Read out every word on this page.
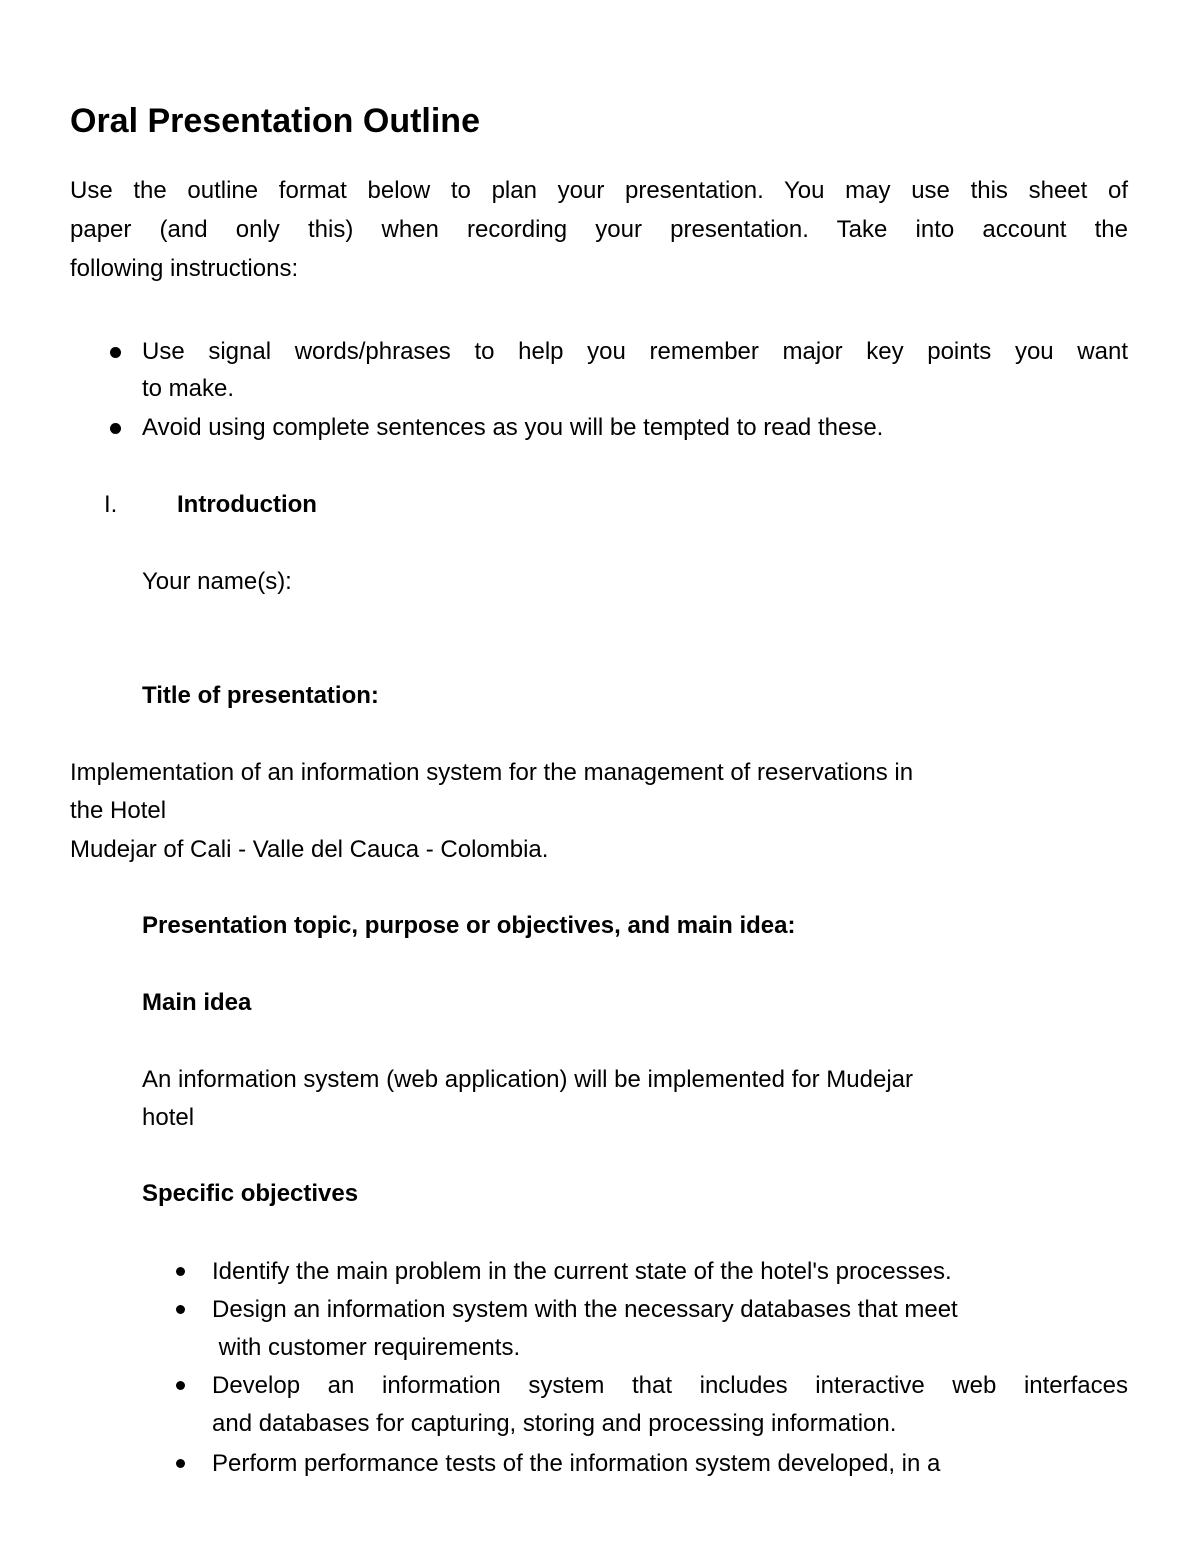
Oral Presentation Outline

Use the outline format below to plan your presentation. You may use this sheet of

paper (and only this) when recording your presentation. Take into account the

following instructions:

Use signal words/phrases to help you remember major key points you want

to make.

Avoid using complete sentences as you will be tempted to read these.

I. Introduction

Your name(s):

Title of presentation:

Implementation of an information system for the management of reservations in

the Hotel

Mudejar of Cali - Valle del Cauca - Colombia.

Presentation topic, purpose or objectives, and main idea:

Main idea

An information system (web application) will be implemented for Mudejar

hotel

Specific objectives

Identify the main problem in the current state of the hotel's processes.

Design an information system with the necessary databases that meet

with customer requirements.

Develop an information system that includes interactive web interfaces

and databases for capturing, storing and processing information.

Perform performance tests of the information system developed, in a
